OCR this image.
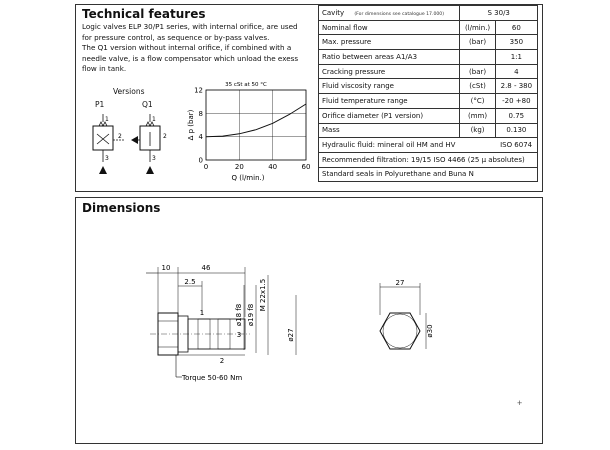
Technical features
Logic valves ELP 30/P1 series, with internal orifice, are used
for pressure control, as sequence or by-pass valves.
The Q1 version without internal orifice, if combined with a
needle valve, is a flow compensator which unload the exess
flow in tank.
Versions
P1	Q1
1
2
3
1
2
3
35 cSt at 50 °C
Δ p (bar)
0	20	40	60
0
4
8
12
Q (l/min.)
Cavity (For dimensions see catalogue 17.000)	S 30/3	
Nominal flow	(l/min.)	60
Max. pressure	(bar)	350
Ratio between areas A1/A3		1:1
Cracking pressure	(bar)	4
Fluid viscosity range	(cSt)	2.8 - 380
Fluid temperature range	(°C)	-20 +80
Orifice diameter (P1 version)	(mm)	0.75
Mass	(kg)	0.130
Hydraulic fluid: mineral oil HM and HV		ISO 6074
Recommended filtration: 19/15 ISO 4466 (25 µ absolutes)		
Standard seals in Polyurethane and Buna N		
Dimensions
+
10	46
2.5
ø18 f8 ø19 f8
M 22x1.5
ø27
1
3
2
Torque 50-60 Nm
27
ø30
